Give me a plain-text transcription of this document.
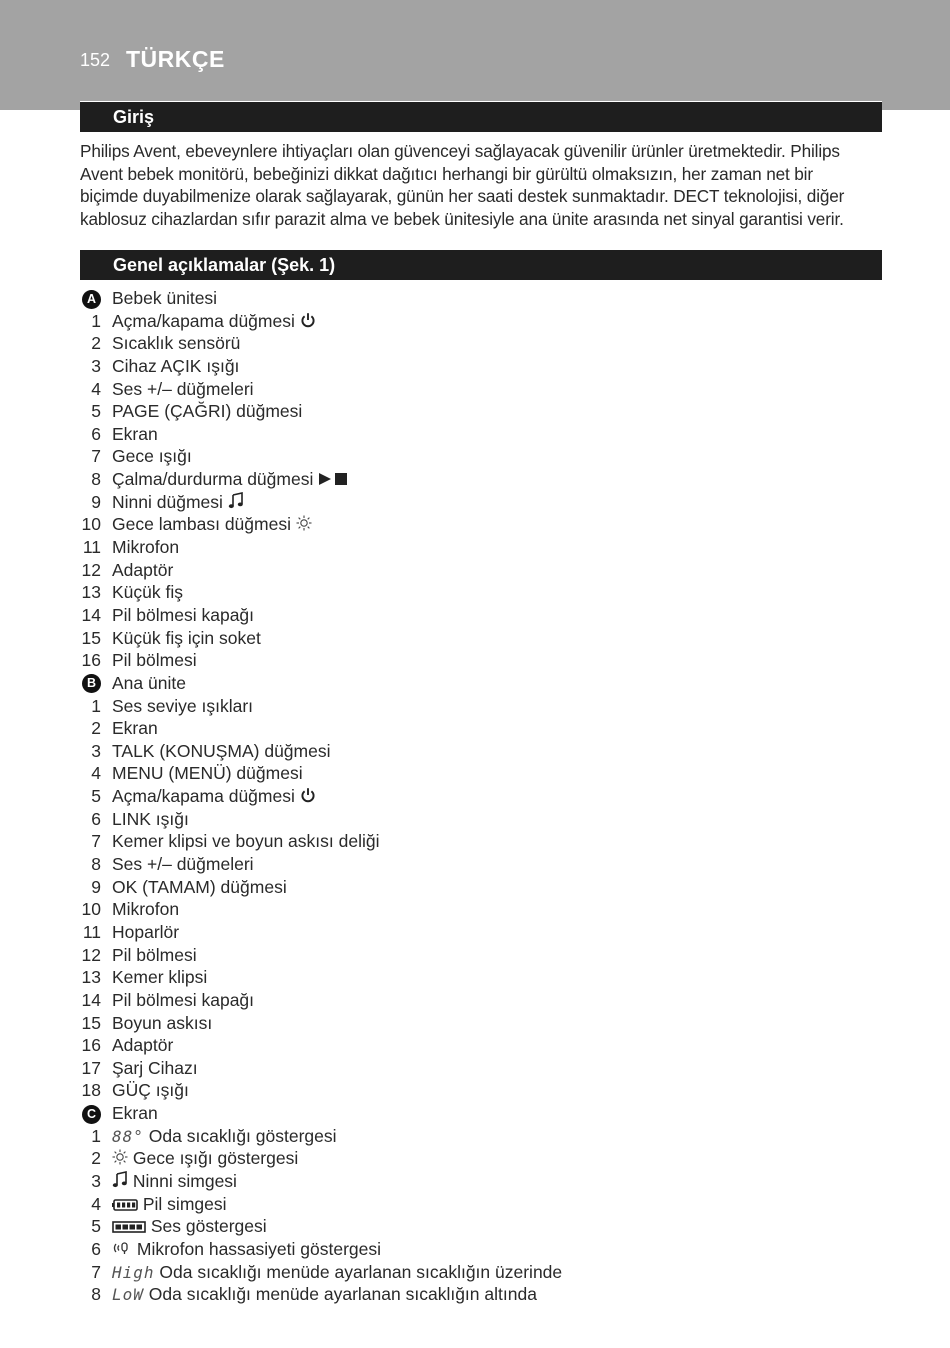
152 TÜRKÇE
Giriş
Philips Avent, ebeveynlere ihtiyaçları olan güvenceyi sağlayacak güvenilir ürünler üretmektedir. Philips
Avent bebek monitörü, bebeğinizi dikkat dağıtıcı herhangi bir gürültü olmaksızın, her zaman net bir
biçimde duyabilmenize olarak sağlayarak, günün her saati destek sunmaktadır. DECT teknolojisi, diğer
kablosuz cihazlardan sıfır parazit alma ve bebek ünitesiyle ana ünite arasında net sinyal garantisi verir.
Genel açıklamalar (Şek. 1)
A Bebek ünitesi
1 Açma/kapama düğmesi
2 Sıcaklık sensörü
3 Cihaz AÇIK ışığı
4 Ses +/– düğmeleri
5 PAGE (ÇAĞRI) düğmesi
6 Ekran
7 Gece ışığı
8 Çalma/durdurma düğmesi
9 Ninni düğmesi
10 Gece lambası düğmesi
11 Mikrofon
12 Adaptör
13 Küçük fiş
14 Pil bölmesi kapağı
15 Küçük fiş için soket
16 Pil bölmesi
B Ana ünite
1 Ses seviye ışıkları
2 Ekran
3 TALK (KONUŞMA) düğmesi
4 MENU (MENÜ) düğmesi
5 Açma/kapama düğmesi
6 LINK ışığı
7 Kemer klipsi ve boyun askısı deliği
8 Ses +/– düğmeleri
9 OK (TAMAM) düğmesi
10 Mikrofon
11 Hoparlör
12 Pil bölmesi
13 Kemer klipsi
14 Pil bölmesi kapağı
15 Boyun askısı
16 Adaptör
17 Şarj Cihazı
18 GÜÇ ışığı
C Ekran
1 88° Oda sıcaklığı göstergesi
2	Gece ışığı göstergesi
3	Ninni simgesi
4	Pil simgesi
5	Ses göstergesi
6	Mikrofon hassasiyeti göstergesi
7 High Oda sıcaklığı menüde ayarlanan sıcaklığın üzerinde
8 LoW Oda sıcaklığı menüde ayarlanan sıcaklığın altında
